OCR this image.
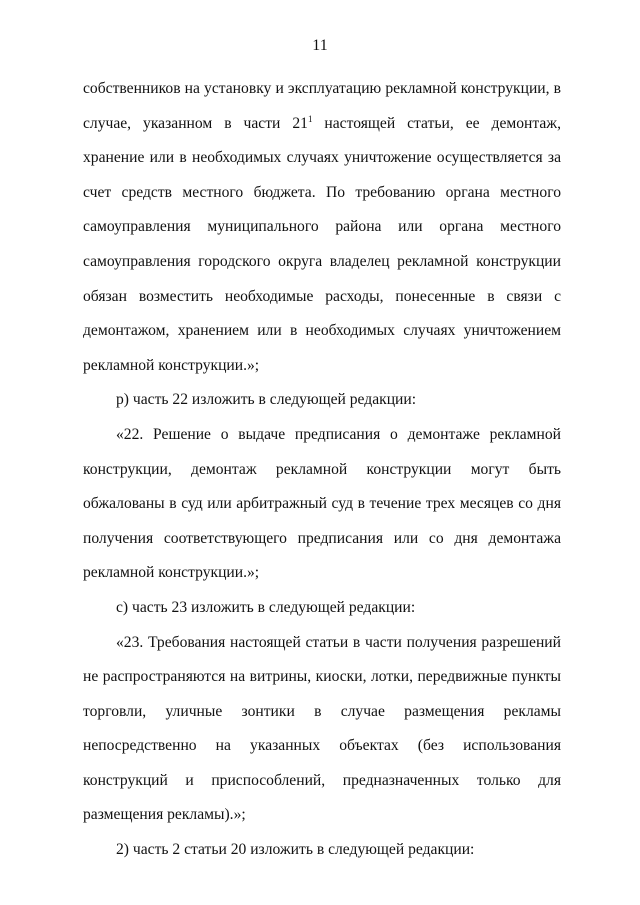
11

собственников на установку и эксплуатацию рекламной конструкции, в случае, указанном в части $21^1$ настоящей статьи, ее демонтаж, хранение или в необходимых случаях уничтожение осуществляется за счет средств местного бюджета. По требованию органа местного самоуправления муниципального района или органа местного самоуправления городского округа владелец рекламной конструкции обязан возместить необходимые расходы, понесенные в связи с демонтажом, хранением или в необходимых случаях уничтожением рекламной конструкции.»;

р) часть 22 изложить в следующей редакции:

«22. Решение о выдаче предписания о демонтаже рекламной конструкции, демонтаж рекламной конструкции могут быть обжалованы в суд или арбитражный суд в течение трех месяцев со дня получения соответствующего предписания или со дня демонтажа рекламной конструкции.»;

с) часть 23 изложить в следующей редакции:

«23. Требования настоящей статьи в части получения разрешений не распространяются на витрины, киоски, лотки, передвижные пункты торговли, уличные зонтики в случае размещения рекламы непосредственно на указанных объектах (без использования конструкций и приспособлений, предназначенных только для размещения рекламы).»;

2) часть 2 статьи 20 изложить в следующей редакции:
